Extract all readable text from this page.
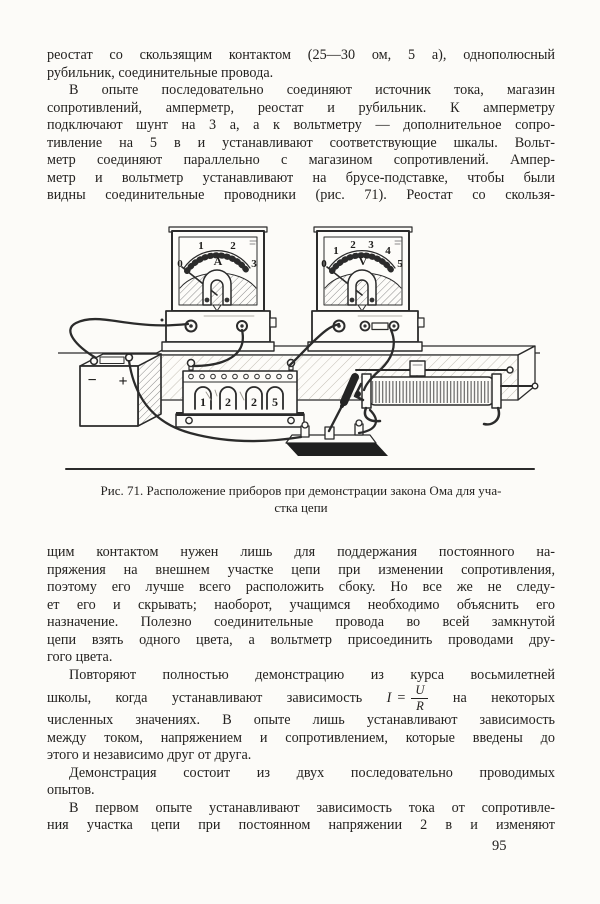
реостат со скользящим контактом (25—30 ом, 5 а), однополюсный
рубильник, соединительные провода.
В опыте последовательно соединяют источник тока, магазин
сопротивлений, амперметр, реостат и рубильник. К амперметру
подключают шунт на 3 а, а к вольтметру — дополнительное сопро-
тивление на 5 в и устанавливают соответствующие шкалы. Вольт-
метр соединяют параллельно с магазином сопротивлений. Ампер-
метр и вольтметр устанавливают на брусе-подставке, чтобы были
видны соединительные проводники (рис. 71). Реостат со скользя-
− +
0
1 2
3
A	0
1 2 3 4
5
V
1 2 2 5
Рис. 71. Расположение приборов при демонстрации закона Ома для уча-
стка цепи
щим контактом нужен лишь для поддержания постоянного на-
пряжения на внешнем участке цепи при изменении сопротивления,
поэтому его лучше всего расположить сбоку. Но все же не следу-
ет его и скрывать; наоборот, учащимся необходимо объяснить его
назначение. Полезно соединительные провода во всей замкнутой
цепи взять одного цвета, а вольтметр присоединить проводами дру-
гого цвета.
Повторяют полностью демонстрацию из курса восьмилетней
школы, когда устанавливают зависимость $I = \frac{U}{R}$ на некоторых
численных значениях. В опыте лишь устанавливают зависимость
между током, напряжением и сопротивлением, которые введены до
этого и независимо друг от друга.
Демонстрация состоит из двух последовательно проводимых
опытов.
В первом опыте устанавливают зависимость тока от сопротивле-
ния участка цепи при постоянном напряжении 2 в и изменяют
95
